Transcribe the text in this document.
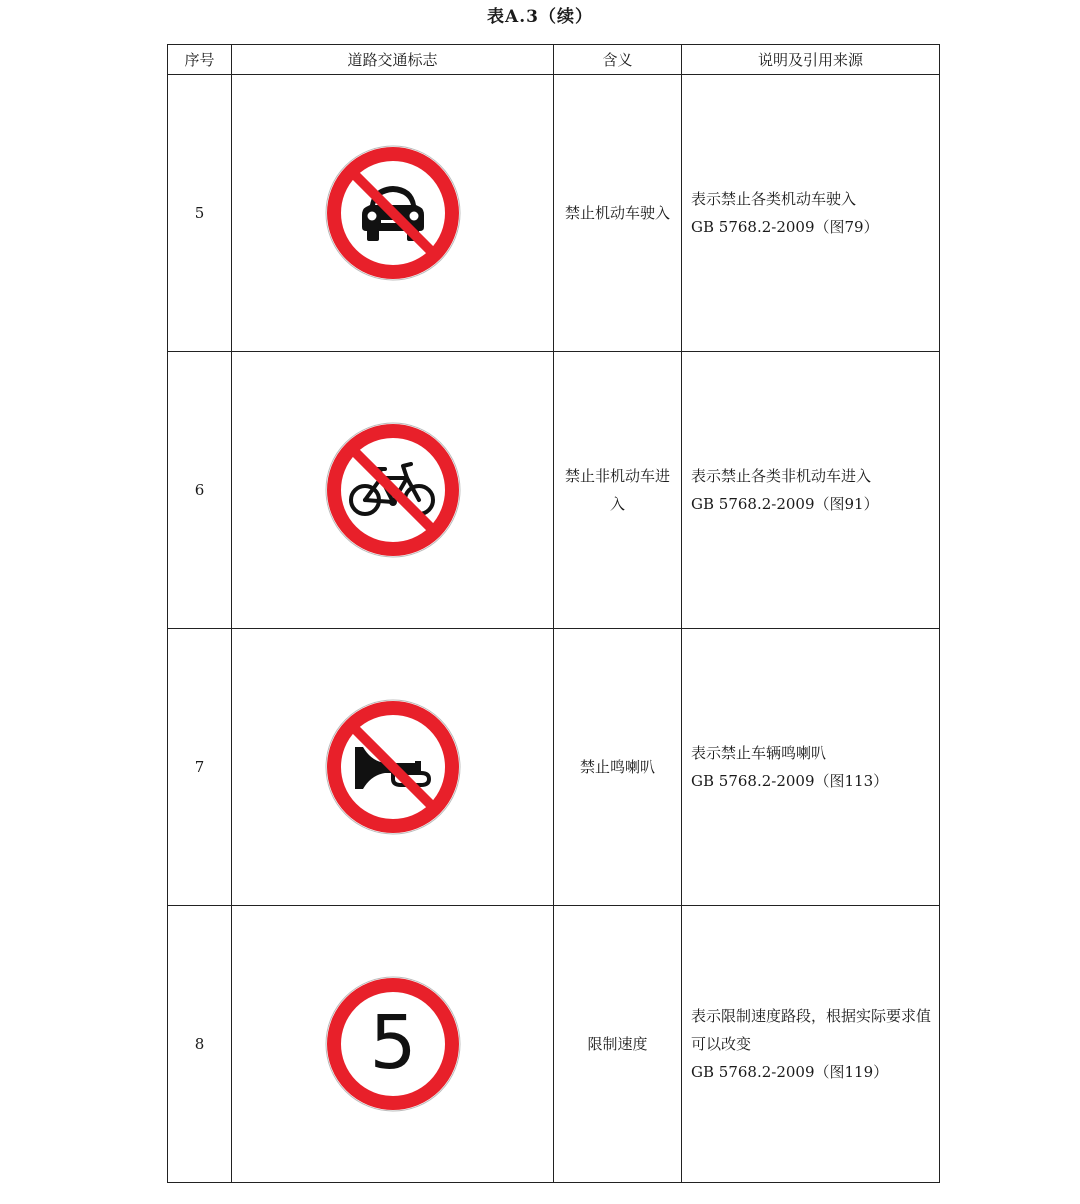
表A.3（续）
序号	道路交通标志	含义	说明及引用来源
5		禁止机动车驶入	表示禁止各类机动车驶入
GB 5768.2-2009（图79）

6		禁止非机动车进入	表示禁止各类非机动车进入
GB 5768.2-2009（图91）

7		禁止鸣喇叭	表示禁止车辆鸣喇叭
GB 5768.2-2009（图113）

8	5	限制速度	表示限制速度路段，根据实际要求值可以改变
GB 5768.2-2009（图119）
